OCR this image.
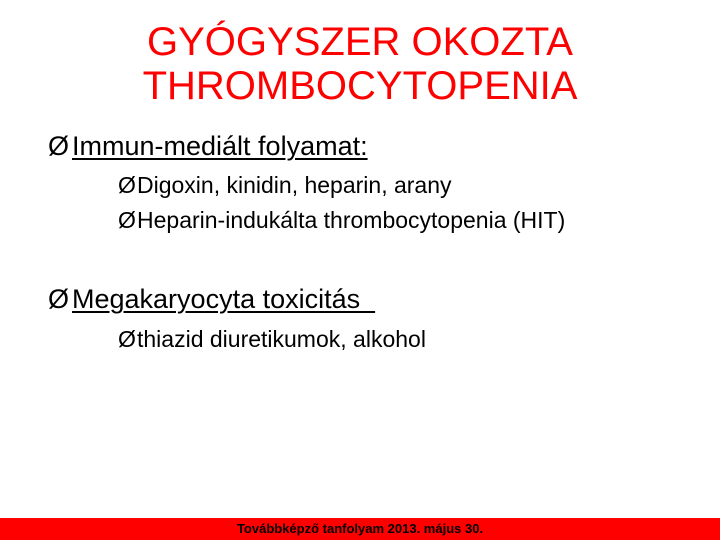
GYÓGYSZER OKOZTA
THROMBOCYTOPENIA
Ø Immun-mediált folyamat:
Ø Digoxin, kinidin, heparin, arany
Ø Heparin-indukálta thrombocytopenia (HIT)
Ø Megakaryocyta toxicitás
Ø thiazid diuretikumok, alkohol
Továbbképző tanfolyam 2013. május 30.
